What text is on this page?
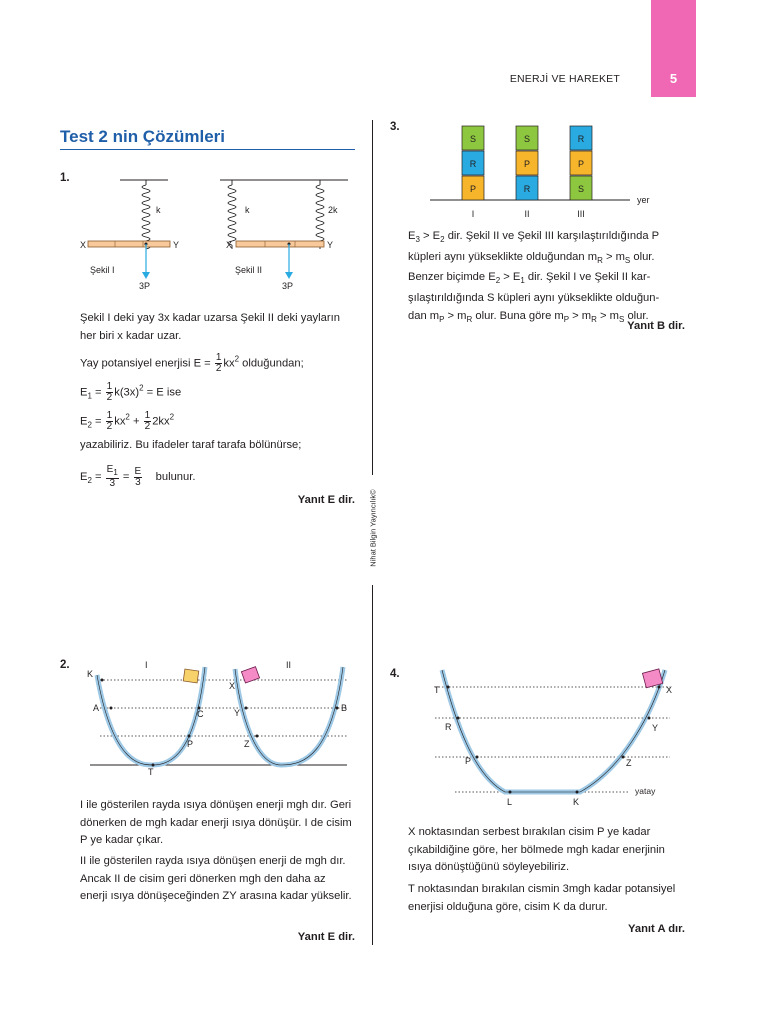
5
ENERJİ VE HAREKET
Test 2 nin Çözümleri
Nihat Bilgin Yayıncılık©
1.
k	k	2k
X	Y	X	Y
Şekil I	Şekil II
3P	3P
Şekil I deki yay 3x kadar uzarsa Şekil II deki yayların her biri x kadar uzar.
Yay potansiyel enerjisi $E = \frac{1}{2} kx^2$ olduğundan;
$E_1 = \frac{1}{2} k(3x)^2 = E$ ise
$E_2 = \frac{1}{2} kx^2 + \frac{1}{2} 2kx^2$
yazabiliriz. Bu ifadeler taraf tarafa bölünürse;
$E_2 = \frac{E_1}{3} = \frac{E}{3}$ bulunur.
Yanıt E dir.
2.	I	II
K
A
C
P
T
X
Y
Z
B
I ile gösterilen rayda ısıya dönüşen enerji mgh dır. Geri dönerken de mgh kadar enerji ısıya dönüşür. I de cisim P ye kadar çıkar.
II ile gösterilen rayda ısıya dönüşen enerji de mgh dır. Ancak II de cisim geri dönerken mgh den daha az enerji ısıya dönüşeceğinden ZY arasına kadar yükselir.
Yanıt E dir.
3.
S
R
P
I
S
P
R
II
R
P
S
III
yer
$E_3 > E_2$ dir. Şekil II ve Şekil III karşılaştırıldığında P
küpleri aynı yükseklikte olduğundan $m_R > m_S$ olur.
Benzer biçimde $E_2 > E_1$ dir. Şekil I ve Şekil II kar-
şılaştırıldığında S küpleri aynı yükseklikte olduğun-
dan $m_P > m_R$ olur. Buna göre $m_P > m_R > m_S$ olur.
Yanıt B dir.
4.
T	X
R	Y
P	Z
L	K
yatay
X noktasından serbest bırakılan cisim P ye kadar çıkabildiğine göre, her bölmede mgh kadar enerjinin ısıya dönüştüğünü söyleyebiliriz.
T noktasından bırakılan cismin 3mgh kadar potansiyel enerjisi olduğuna göre, cisim K da durur.
Yanıt A dır.
